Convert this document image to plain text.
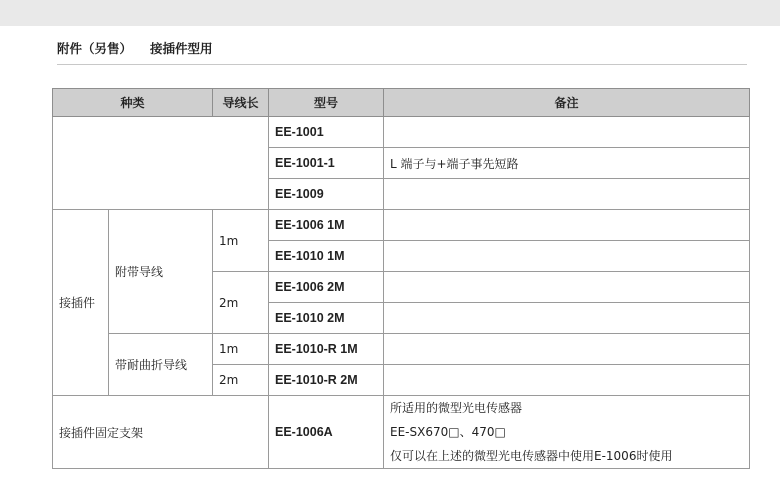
附件（另售） 接插件型用
种类		导线长	型号	备注
			EE-1001	
			EE-1001-1	L 端子与+端子事先短路
			EE-1009	
接插件	附带导线	1m	EE-1006 1M	
			EE-1010 1M	
		2m	EE-1006 2M	
			EE-1010 2M	
	带耐曲折导线	1m	EE-1010-R 1M	
		2m	EE-1010-R 2M	
接插件固定支架			EE-1006A	所适用的微型光电传感器
EE-SX670□、470□
仅可以在上述的微型光电传感器中使用E-1006时使用
